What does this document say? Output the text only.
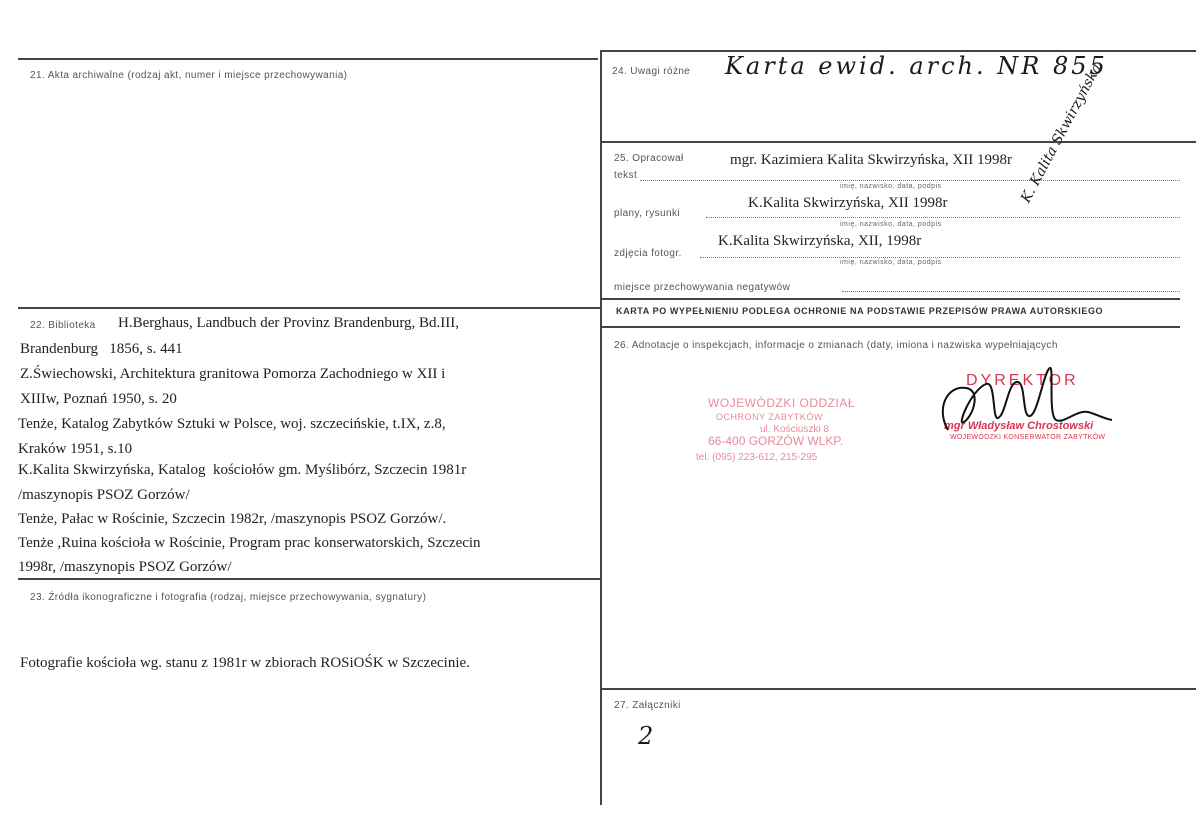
21. Akta archiwalne (rodzaj akt, numer i miejsce przechowywania)
22. Biblioteka H.Berghaus, Landbuch der Provinz Brandenburg, Bd.III,
Brandenburg   1856, s. 441
Z.Świechowski, Architektura granitowa Pomorza Zachodniego w XII i
XIIIw, Poznań 1950, s. 20
Tenże, Katalog Zabytków Sztuki w Polsce, woj. szczecińskie, t.IX, z.8,
Kraków 1951, s.10
K.Kalita Skwirzyńska, Katalog  kościołów gm. Myślibórz, Szczecin 1981r
/maszynopis PSOZ Gorzów/
Tenże, Pałac w Rościnie, Szczecin 1982r, /maszynopis PSOZ Gorzów/.
Tenże ,Ruina kościoła w Rościnie, Program prac konserwatorskich, Szczecin
1998r, /maszynopis PSOZ Gorzów/
23. Źródła ikonograficzne i fotografia (rodzaj, miejsce przechowywania, sygnatury)
Fotografie kościoła wg. stanu z 1981r w zbiorach ROSiOŚK w Szczecinie.
24. Uwagi różne Karta ewid. arch. NR 855
25. Opracował
tekst
mgr. Kazimiera Kalita Skwirzyńska, XII 1998r
imię, nazwisko, data, podpis
plany, rysunki
K.Kalita Skwirzyńska, XII 1998r
imię, nazwisko, data, podpis
zdjęcia fotogr.
K.Kalita Skwirzyńska, XII, 1998r
imię, nazwisko, data, podpis
miejsce przechowywania negatywów
K. Kalita Skwirzyńska
KARTA PO WYPEŁNIENIU PODLEGA OCHRONIE NA PODSTAWIE PRZEPISÓW PRAWA AUTORSKIEGO
26. Adnotacje o inspekcjach, informacje o zmianach (daty, imiona i nazwiska wypełniających
WOJEWÓDZKI ODDZIAŁ
OCHRONY ZABYTKÓW
ul. Kościuszki 8
66-400 GORZÓW WLKP.
tel. (095) 223-612, 215-295
DYREKTOR
mgr Władysław Chrostowski
WOJEWÓDZKI KONSERWATOR ZABYTKÓW
27. Załączniki
2
